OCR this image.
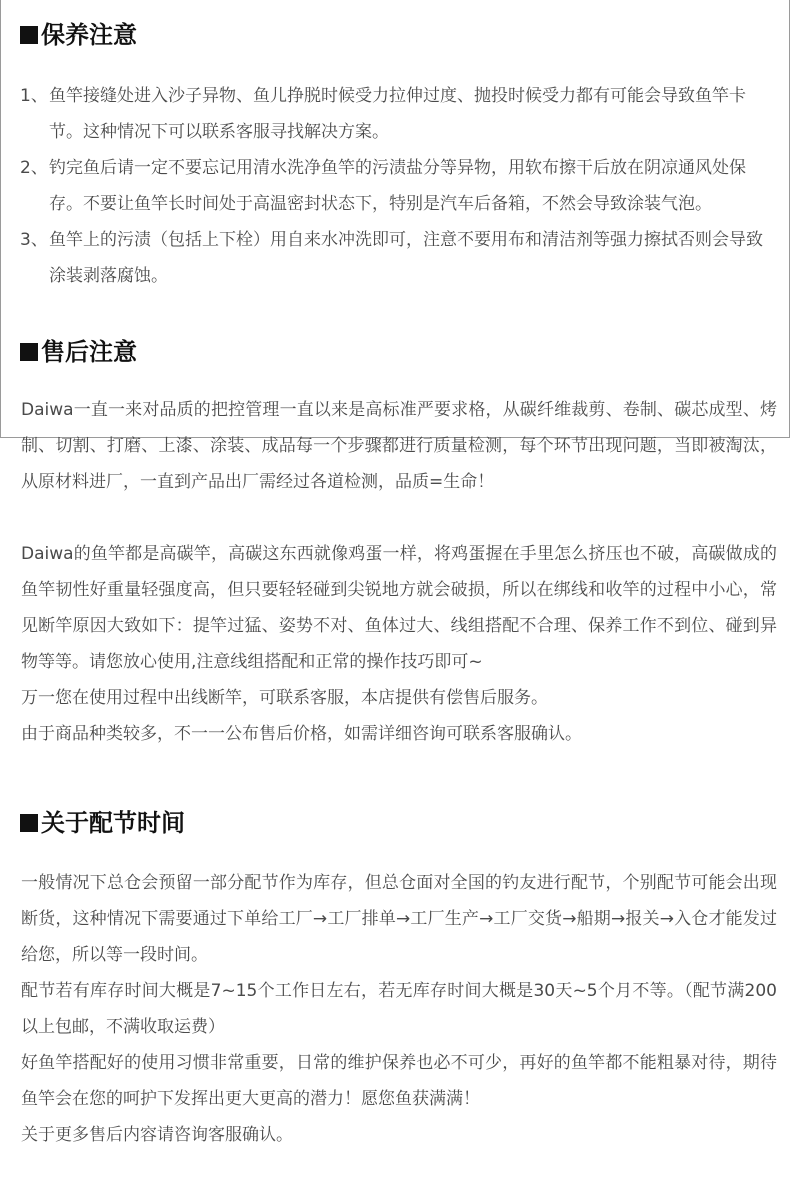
保养注意
1、 鱼竿接缝处进入沙子异物、鱼儿挣脱时候受力拉伸过度、抛投时候受力都有可能会导致鱼竿卡节。这种情况下可以联系客服寻找解决方案。
2、 钓完鱼后请一定不要忘记用清水洗净鱼竿的污渍盐分等异物，用软布擦干后放在阴凉通风处保存。不要让鱼竿长时间处于高温密封状态下，特别是汽车后备箱，不然会导致涂装气泡。
3、 鱼竿上的污渍（包括上下栓）用自来水冲洗即可，注意不要用布和清洁剂等强力擦拭否则会导致涂装剥落腐蚀。
售后注意

Daiwa一直一来对品质的把控管理一直以来是高标准严要求格，从碳纤维裁剪、卷制、碳芯成型、烤制、切割、打磨、上漆、涂装、成品每一个步骤都进行质量检测，每个环节出现问题，当即被淘汰，从原材料进厂，一直到产品出厂需经过各道检测，品质=生命！

Daiwa的鱼竿都是高碳竿，高碳这东西就像鸡蛋一样，将鸡蛋握在手里怎么挤压也不破，高碳做成的鱼竿韧性好重量轻强度高，但只要轻轻碰到尖锐地方就会破损，所以在绑线和收竿的过程中小心，常见断竿原因大致如下：提竿过猛、姿势不对、鱼体过大、线组搭配不合理、保养工作不到位、碰到异物等等。请您放心使用,注意线组搭配和正常的操作技巧即可~

万一您在使用过程中出线断竿，可联系客服，本店提供有偿售后服务。

由于商品种类较多，不一一公布售后价格，如需详细咨询可联系客服确认。

关于配节时间

一般情况下总仓会预留一部分配节作为库存，但总仓面对全国的钓友进行配节，个别配节可能会出现断货，这种情况下需要通过下单给工厂→工厂排单→工厂生产→工厂交货→船期→报关→入仓才能发过给您，所以等一段时间。

配节若有库存时间大概是7~15个工作日左右，若无库存时间大概是30天~5个月不等。（配节满200以上包邮，不满收取运费）

好鱼竿搭配好的使用习惯非常重要，日常的维护保养也必不可少，再好的鱼竿都不能粗暴对待，期待鱼竿会在您的呵护下发挥出更大更高的潜力！愿您鱼获满满！

关于更多售后内容请咨询客服确认。
